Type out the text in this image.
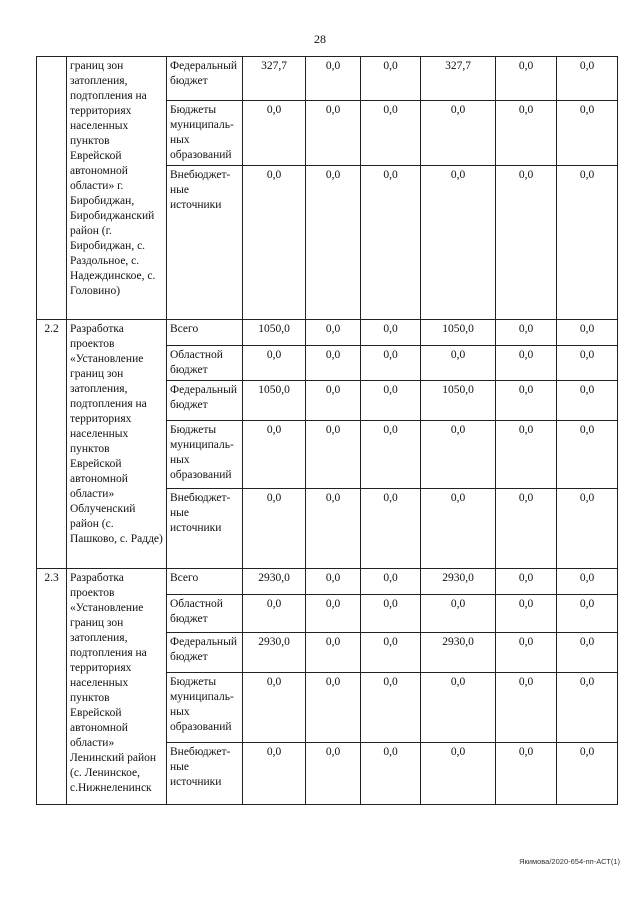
28
	границ зон затопления, подтопления на территориях населенных пунктов Еврейской автономной области» г. Биробиджан, Биробиджанский район (г. Биробиджан, с. Раздольное, с. Надеждинское, с. Головино)	Федеральный бюджет	327,7	0,0	0,0	327,7	0,0	0,0
		Бюджеты муниципаль-ных образований	0,0	0,0	0,0	0,0	0,0	0,0
		Внебюджет-ные источники	0,0	0,0	0,0	0,0	0,0	0,0
2.2	Разработка проектов «Установление границ зон затопления, подтопления на территориях населенных пунктов Еврейской автономной области» Облученский район (с. Пашково, с. Радде)	Всего	1050,0	0,0	0,0	1050,0	0,0	0,0
		Областной бюджет	0,0	0,0	0,0	0,0	0,0	0,0
		Федеральный бюджет	1050,0	0,0	0,0	1050,0	0,0	0,0
		Бюджеты муниципаль-ных образований	0,0	0,0	0,0	0,0	0,0	0,0
		Внебюджет-ные источники	0,0	0,0	0,0	0,0	0,0	0,0
2.3	Разработка проектов «Установление границ зон затопления, подтопления на территориях населенных пунктов Еврейской автономной области» Ленинский район (с. Ленинское, с.Нижнеленинск	Всего	2930,0	0,0	0,0	2930,0	0,0	0,0
		Областной бюджет	0,0	0,0	0,0	0,0	0,0	0,0
		Федеральный бюджет	2930,0	0,0	0,0	2930,0	0,0	0,0
		Бюджеты муниципаль-ных образований	0,0	0,0	0,0	0,0	0,0	0,0
		Внебюджет-ные источники	0,0	0,0	0,0	0,0	0,0	0,0
Якимова/2020-654-пп-АСТ(1)
